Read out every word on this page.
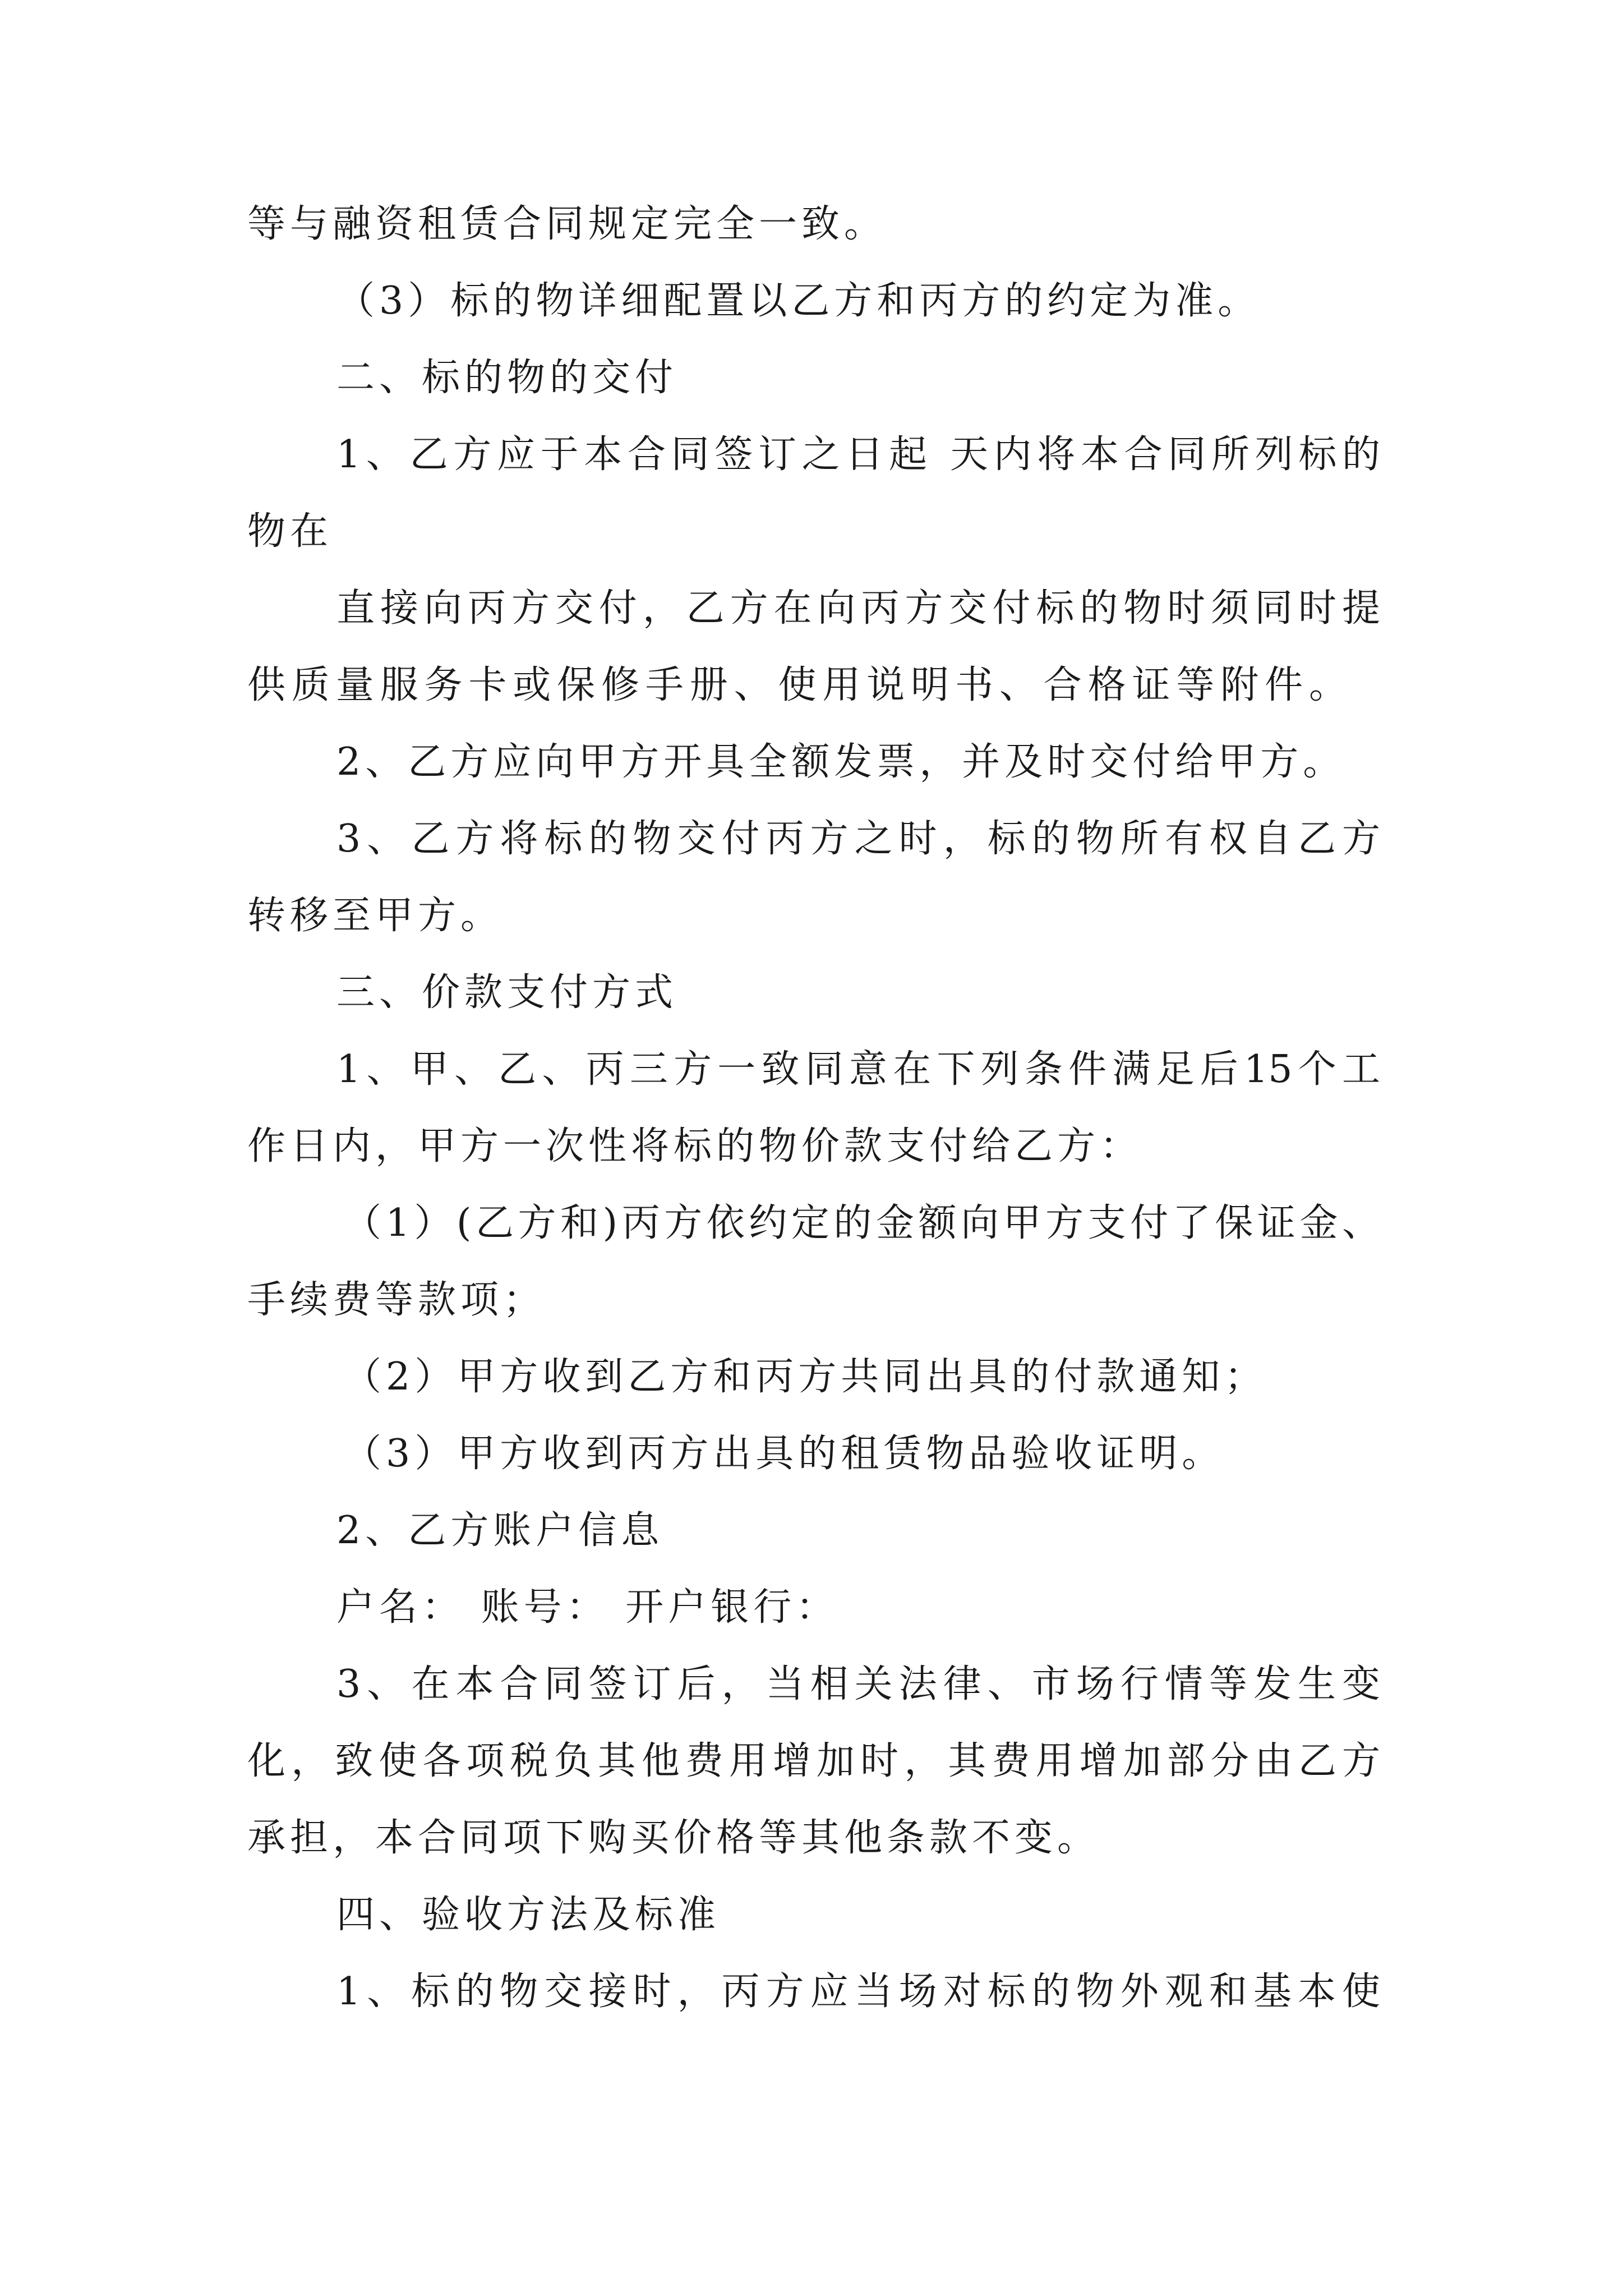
等与融资租赁合同规定完全一致。
（3）标的物详细配置以乙方和丙方的约定为准。
二、标的物的交付
1、乙方应于本合同签订之日起 天内将本合同所列标的
物在
直接向丙方交付，乙方在向丙方交付标的物时须同时提
供质量服务卡或保修手册、使用说明书、合格证等附件。
2、乙方应向甲方开具全额发票，并及时交付给甲方。
3、乙方将标的物交付丙方之时，标的物所有权自乙方
转移至甲方。
三、价款支付方式
1、甲、乙、丙三方一致同意在下列条件满足后15个工
作日内，甲方一次性将标的物价款支付给乙方：
（1）(乙方和)丙方依约定的金额向甲方支付了保证金、
手续费等款项；
（2）甲方收到乙方和丙方共同出具的付款通知；
（3）甲方收到丙方出具的租赁物品验收证明。
2、乙方账户信息
户名： 账号： 开户银行：
3、在本合同签订后，当相关法律、市场行情等发生变
化，致使各项税负其他费用增加时，其费用增加部分由乙方
承担，本合同项下购买价格等其他条款不变。
四、验收方法及标准
1、标的物交接时，丙方应当场对标的物外观和基本使
